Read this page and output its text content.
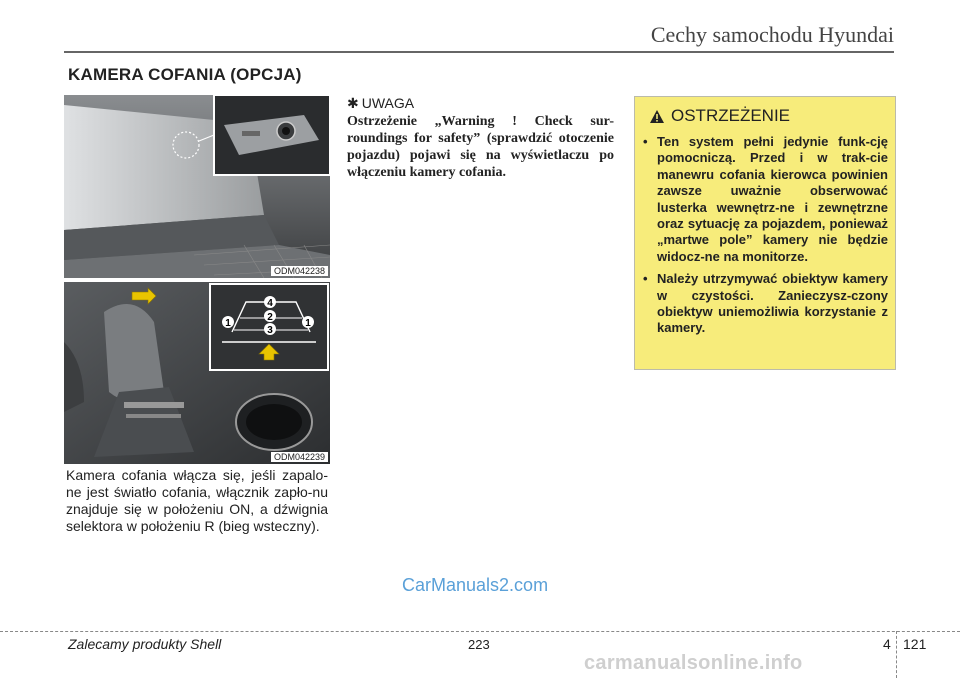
Cechy samochodu Hyundai
KAMERA COFANIA (OPCJA)
ODM042238
1
2
3
4
1
ODM042239
Kamera cofania włącza się, jeśli zapalo-ne jest światło cofania, włącznik zapło-nu znajduje się w położeniu ON, a dźwignia selektora w położeniu R (bieg wsteczny).
✱ UWAGA
Ostrzeżenie „Warning ! Check sur-roundings for safety” (sprawdzić otoczenie pojazdu) pojawi się na wyświetlaczu po włączeniu kamery cofania.
OSTRZEŻENIE
• Ten system pełni jedynie funk-cję pomocniczą. Przed i w trak-cie manewru cofania kierowca powinien zawsze uważnie obserwować lusterka wewnętrz-ne i zewnętrzne oraz sytuację za pojazdem, ponieważ „martwe pole” kamery nie będzie widocz-ne na monitorze.
• Należy utrzymywać obiektyw kamery w czystości. Zanieczysz-czony obiektyw uniemożliwia korzystanie z kamery.
CarManuals2.com
Zalecamy produkty Shell	223	4 121
carmanualsonline.info
